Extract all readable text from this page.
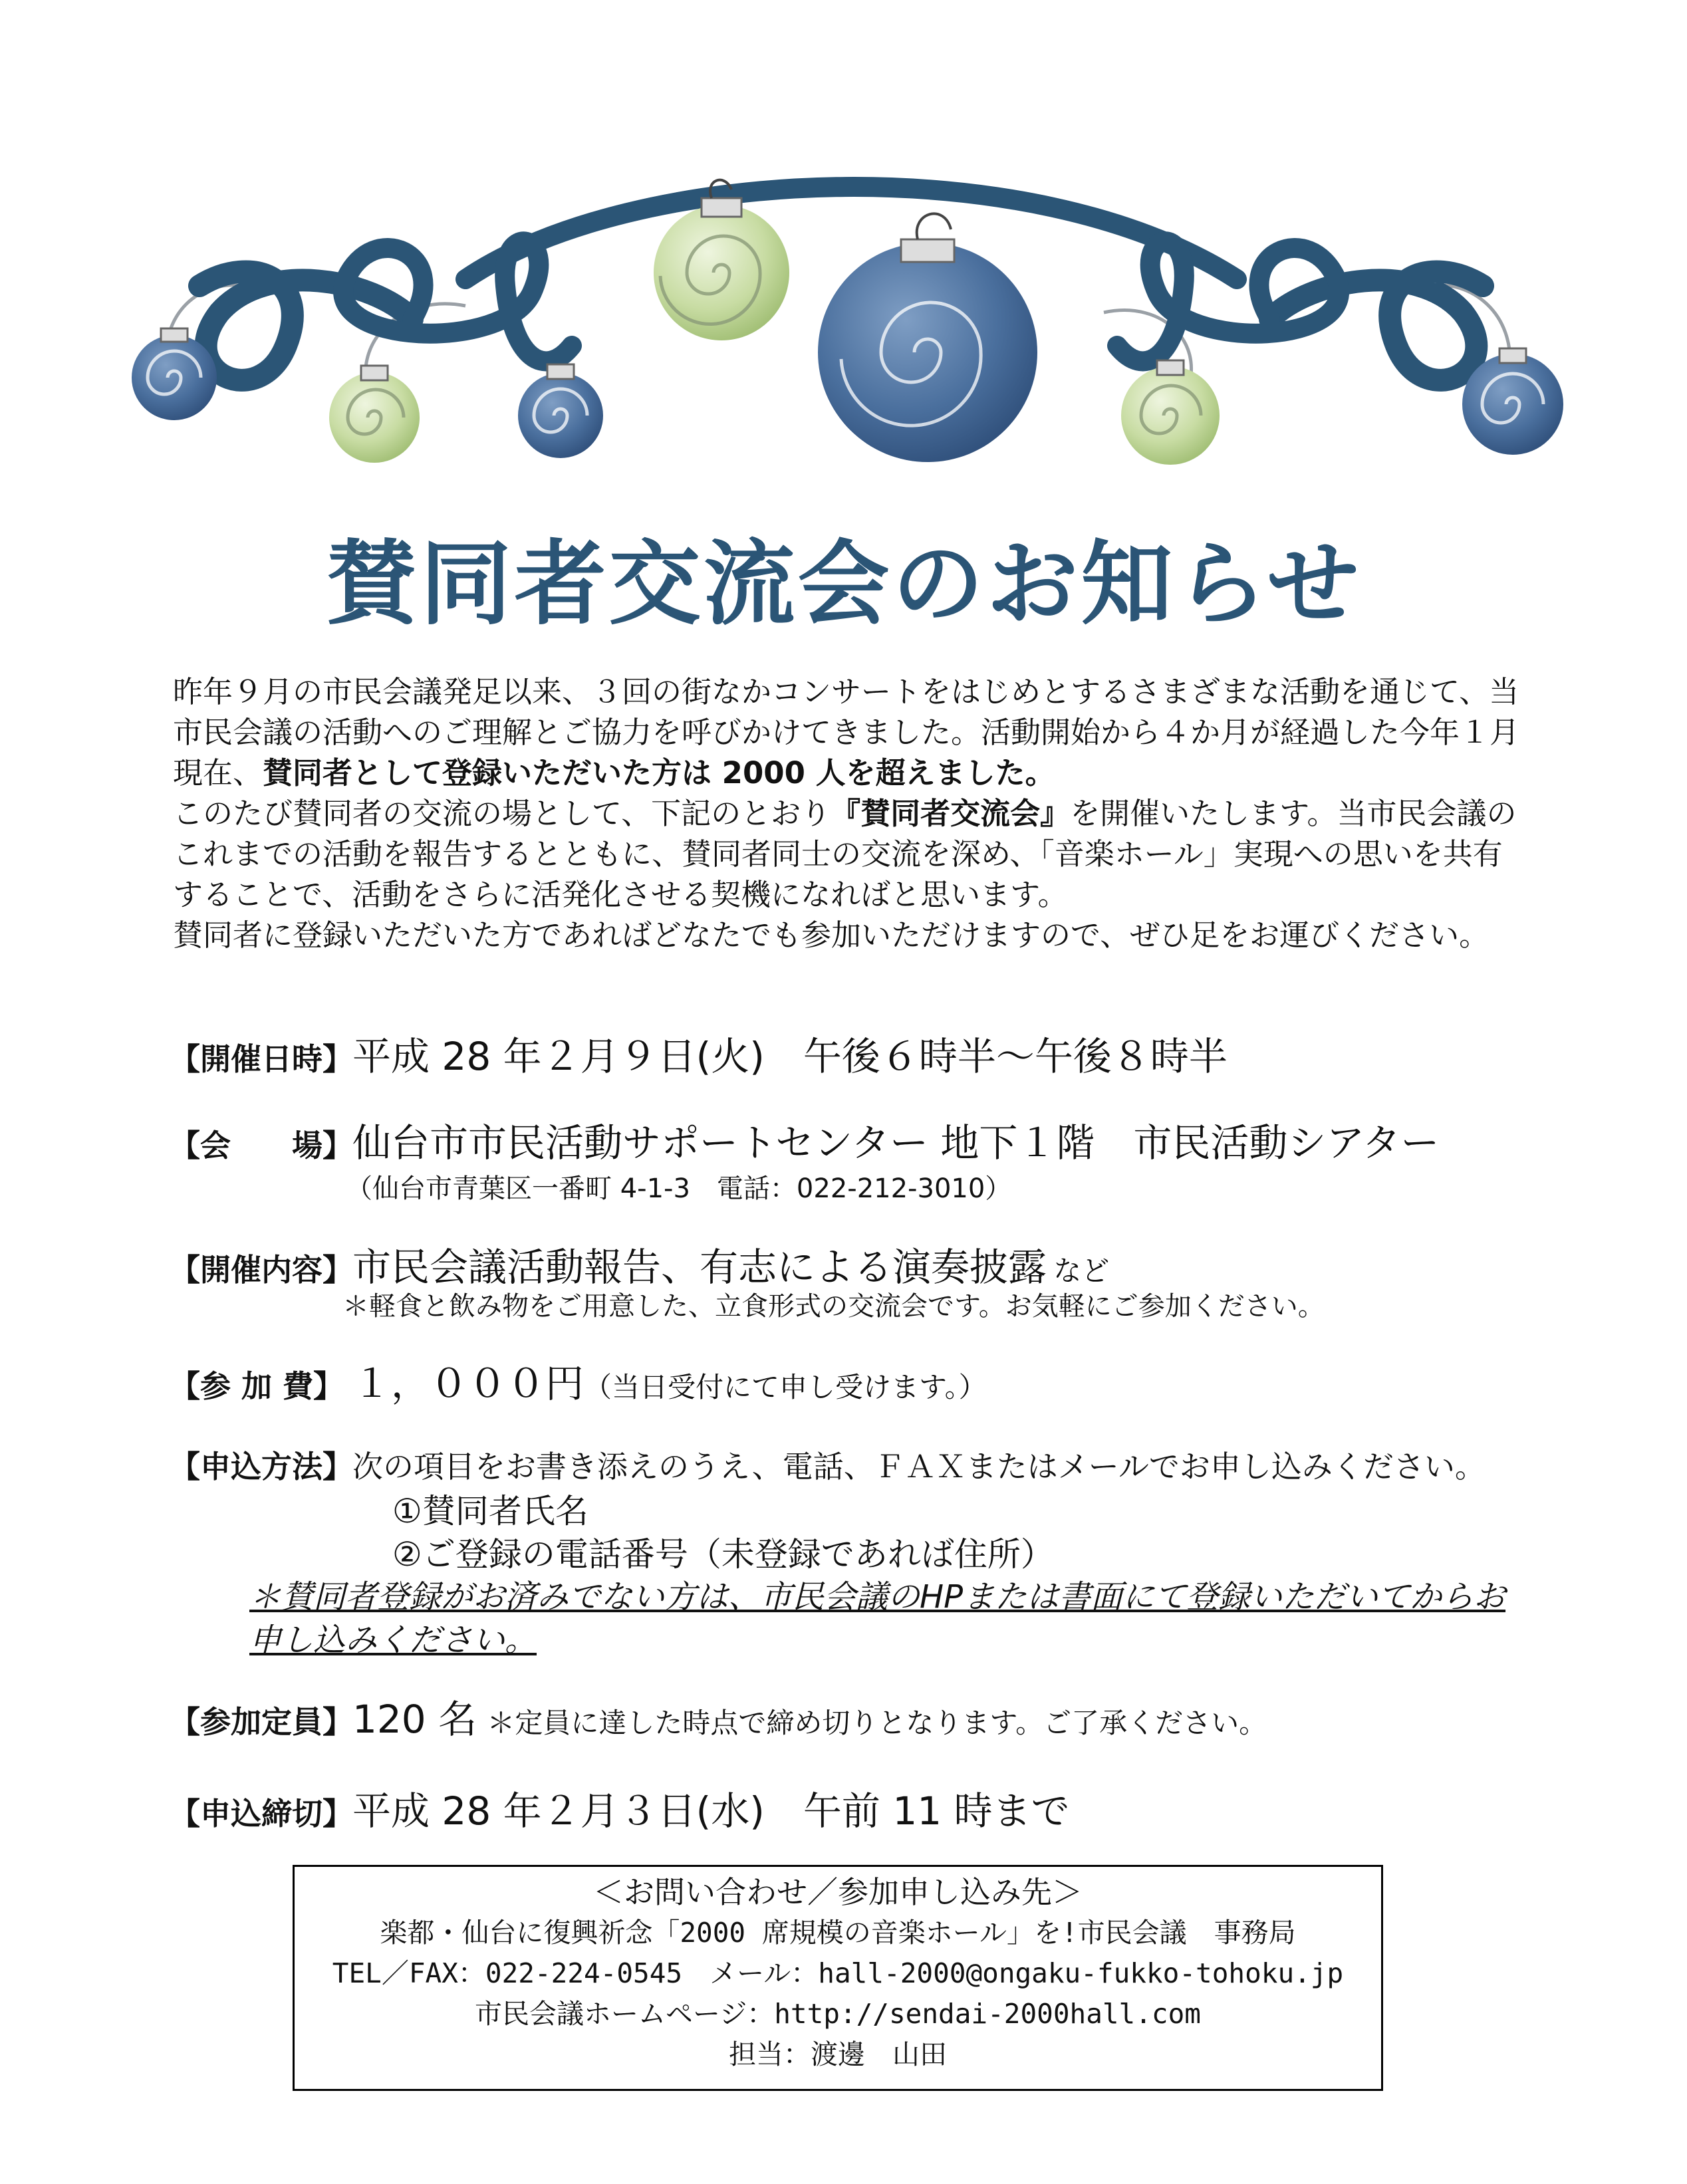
賛同者交流会のお知らせ

昨年９月の市民会議発足以来、３回の街なかコンサートをはじめとするさまざまな活動を通じて、当市民会議の活動へのご理解とご協力を呼びかけてきました。活動開始から４か月が経過した今年１月現在、賛同者として登録いただいた方は 2000 人を超えました。

このたび賛同者の交流の場として、下記のとおり『賛同者交流会』を開催いたします。当市民会議のこれまでの活動を報告するとともに、賛同者同士の交流を深め、「音楽ホール」実現への思いを共有することで、活動をさらに活発化させる契機になればと思います。

賛同者に登録いただいた方であればどなたでも参加いただけますので、ぜひ足をお運びください。

【開催日時】平成 28 年２月９日(火)　午後６時半～午後８時半
【会　　場】仙台市市民活動サポートセンター 地下１階　市民活動シアター
（仙台市青葉区一番町 4-1-3　電話：022-212-3010）
【開催内容】市民会議活動報告、有志による演奏披露 など
＊軽食と飲み物をご用意した、立食形式の交流会です。お気軽にご参加ください。
【参 加 費】 １，０００円（当日受付にて申し受けます。）
【申込方法】次の項目をお書き添えのうえ、電話、ＦＡＸまたはメールでお申し込みください。
①賛同者氏名
②ご登録の電話番号（未登録であれば住所）
＊賛同者登録がお済みでない方は、市民会議のHPまたは書面にて登録いただいてからお申し込みください。
【参加定員】120 名 ＊定員に達した時点で締め切りとなります。ご了承ください。
【申込締切】平成 28 年２月３日(水)　午前 11 時まで
＜お問い合わせ／参加申し込み先＞
楽都・仙台に復興祈念「2000 席規模の音楽ホール」を!市民会議　事務局
TEL／FAX：022-224-0545　メール：hall-2000@ongaku-fukko-tohoku.jp
市民会議ホームページ：http://sendai-2000hall.com
担当：渡邊　山田
